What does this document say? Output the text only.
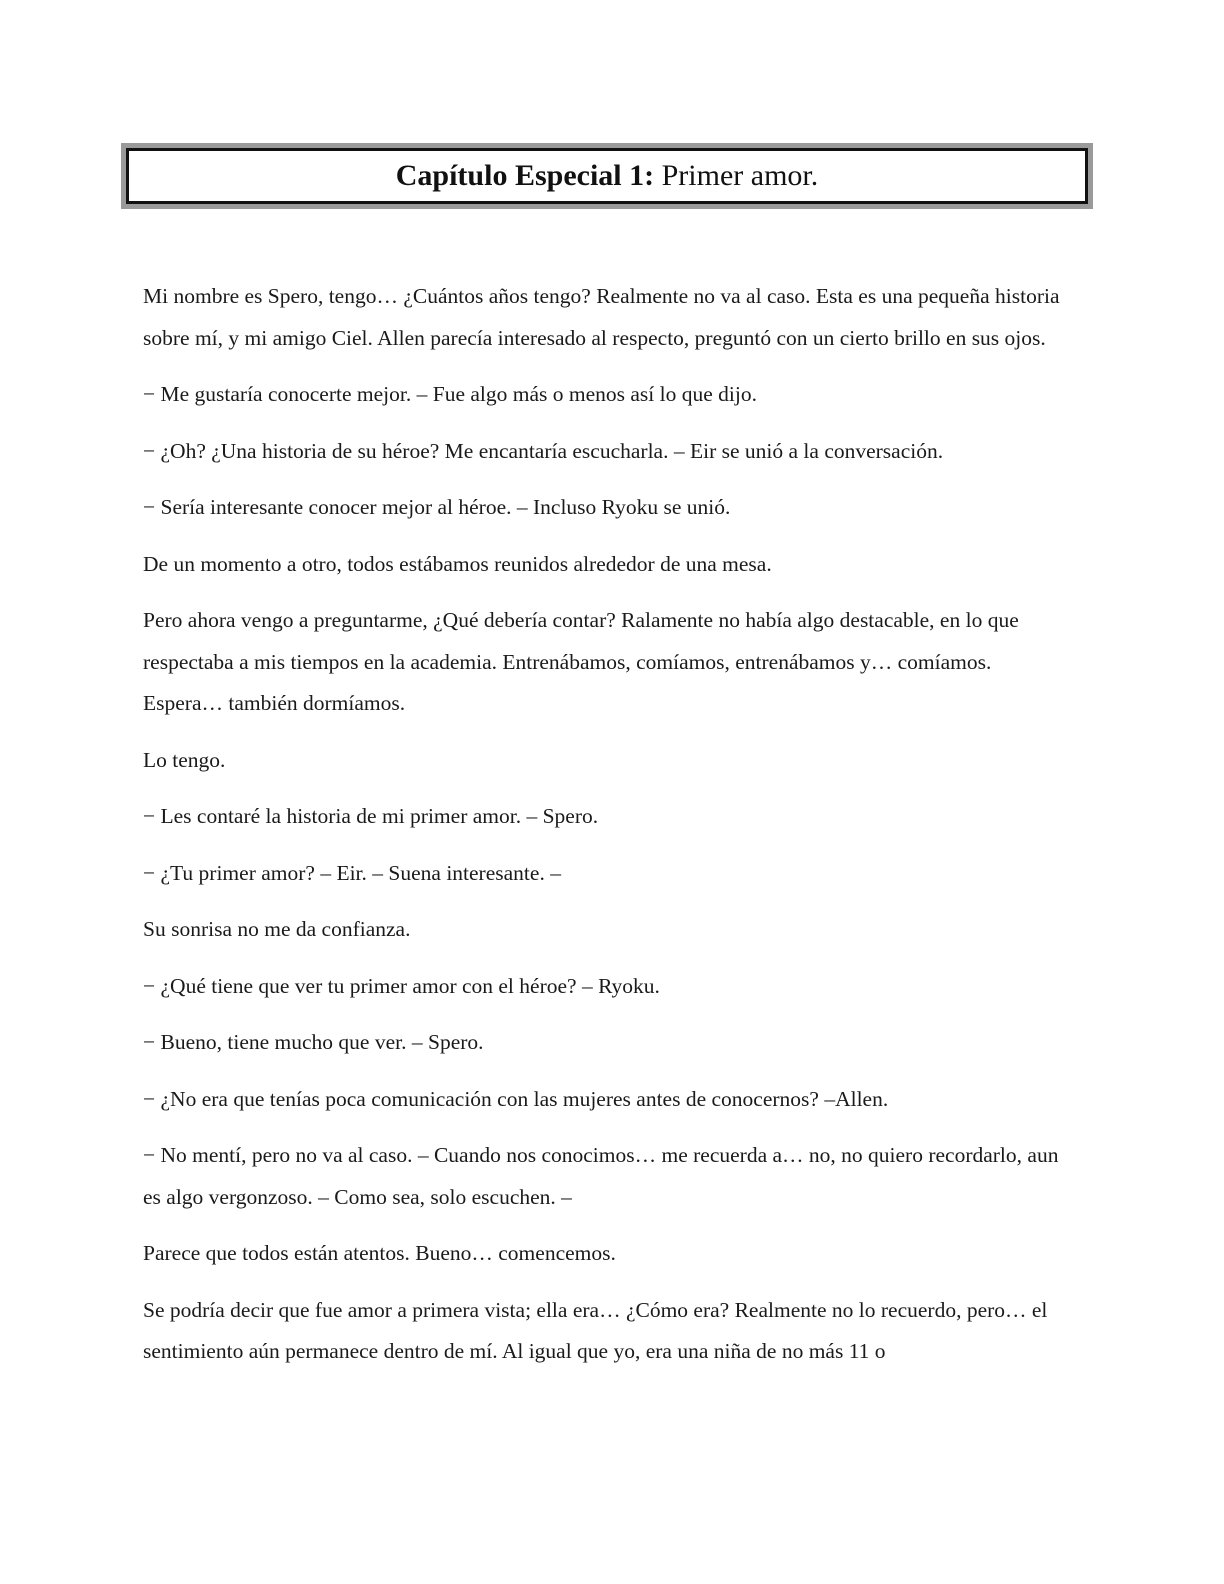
Capítulo Especial 1:
Primer amor.

Mi nombre es Spero, tengo… ¿Cuántos años tengo? Realmente no va al caso. Esta es una pequeña historia sobre mí, y mi amigo Ciel. Allen parecía interesado al respecto, preguntó con un cierto brillo en sus ojos.

− Me gustaría conocerte mejor. – Fue algo más o menos así lo que dijo.

− ¿Oh? ¿Una historia de su héroe? Me encantaría escucharla. – Eir se unió a la conversación.

− Sería interesante conocer mejor al héroe. – Incluso Ryoku se unió.

De un momento a otro, todos estábamos reunidos alrededor de una mesa.

Pero ahora vengo a preguntarme, ¿Qué debería contar? Ralamente no había algo destacable, en lo que respectaba a mis tiempos en la academia. Entrenábamos, comíamos, entrenábamos y… comíamos. Espera… también dormíamos.

Lo tengo.

− Les contaré la historia de mi primer amor. – Spero.

− ¿Tu primer amor? – Eir. – Suena interesante. –

Su sonrisa no me da confianza.

− ¿Qué tiene que ver tu primer amor con el héroe? – Ryoku.

− Bueno, tiene mucho que ver. – Spero.

− ¿No era que tenías poca comunicación con las mujeres antes de conocernos? –Allen.

− No mentí, pero no va al caso. – Cuando nos conocimos… me recuerda a… no, no quiero recordarlo, aun es algo vergonzoso. – Como sea, solo escuchen. –

Parece que todos están atentos. Bueno… comencemos.

Se podría decir que fue amor a primera vista; ella era… ¿Cómo era? Realmente no lo recuerdo, pero… el sentimiento aún permanece dentro de mí. Al igual que yo, era una niña de no más 11 o
